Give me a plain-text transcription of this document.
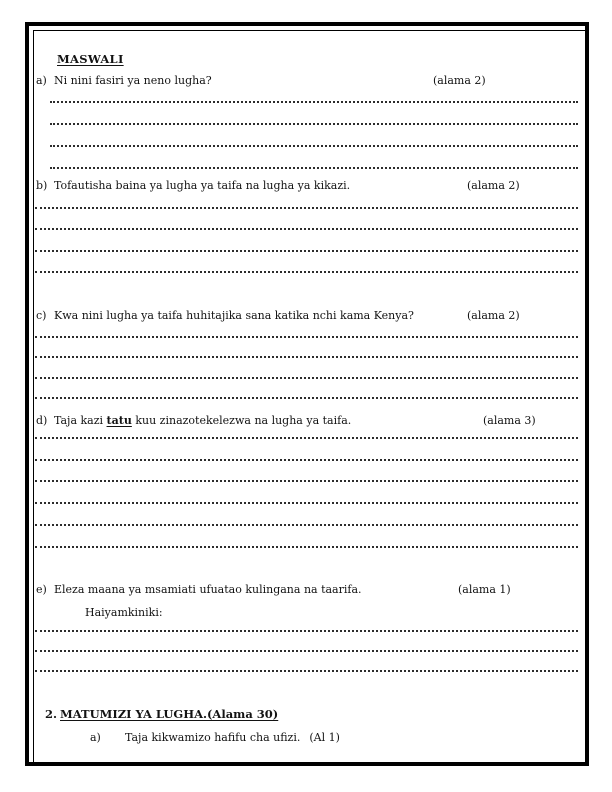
MASWALI
a) Ni nini fasiri ya neno lugha?	(alama 2)
b) Tofautisha baina ya lugha ya taifa na lugha ya kikazi.	(alama 2)
c) Kwa nini lugha ya taifa huhitajika sana katika nchi kama Kenya?	(alama 2)
d) Taja kazi tatu kuu zinazotekelezwa na lugha ya taifa.	(alama 3)
e) Eleza maana ya msamiati ufuatao kulingana na taarifa.	(alama 1)
Haiyamkiniki:
2. MATUMIZI YA LUGHA.(Alama 30)
a) Taja kikwamizo hafifu cha ufizi. (Al 1)
